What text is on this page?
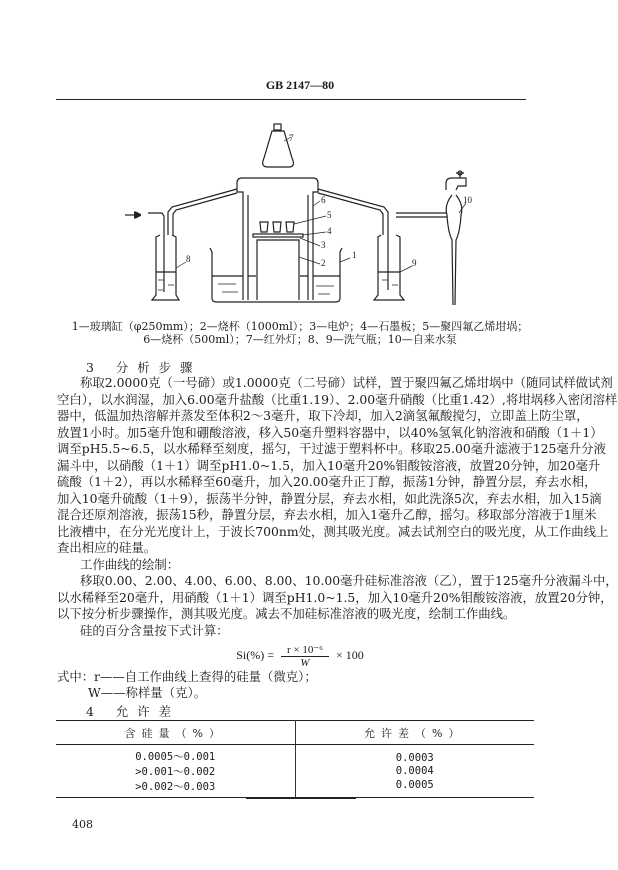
GB 2147—80
1
2
3
4
5
6
7
8	9
10
1—玻璃缸（φ250mm）；2—烧杯（1000ml）；3—电炉；4—石墨板；5—聚四氟乙烯坩埚；
6—烧杯（500ml）；7—红外灯；8、9—洗气瓶；10—自来水泵
3 分析步骤
称取2.0000克（一号碲）或1.0000克（二号碲）试样，置于聚四氟乙烯坩埚中（随同试样做试剂
空白），以水润湿，加入6.00毫升盐酸（比重1.19）、2.00毫升硝酸（比重1.42）,将坩埚移入密闭溶样
器中，低温加热溶解并蒸发至体积2～3毫升，取下冷却，加入2滴氢氟酸搅匀，立即盖上防尘罩，
放置1小时。加5毫升饱和硼酸溶液，移入50毫升塑料容器中，以40%氢氧化钠溶液和硝酸（1＋1）
调至pH5.5~6.5，以水稀释至刻度，摇匀，干过滤于塑料杯中。移取25.00毫升滤液于125毫升分液
漏斗中，以硝酸（1＋1）调至pH1.0~1.5，加入10毫升20%钼酸铵溶液，放置20分钟，加20毫升
硫酸（1＋2），再以水稀释至60毫升，加入20.00毫升正丁醇，振荡1分钟，静置分层，弃去水相，
加入10毫升硫酸（1＋9），振荡半分钟，静置分层，弃去水相，如此洗涤5次，弃去水相，加入15滴
混合还原剂溶液，振荡15秒，静置分层，弃去水相，加入1毫升乙醇，摇匀。移取部分溶液于1厘米
比液槽中，在分光光度计上，于波长700nm处，测其吸光度。减去试剂空白的吸光度，从工作曲线上
查出相应的硅量。
工作曲线的绘制：
移取0.00、2.00、4.00、6.00、8.00、10.00毫升硅标准溶液（乙），置于125毫升分液漏斗中，
以水稀释至20毫升，用硝酸（1＋1）调至pH1.0~1.5，加入10毫升20%钼酸铵溶液，放置20分钟，
以下按分析步骤操作，测其吸光度。减去不加硅标准溶液的吸光度，绘制工作曲线。
硅的百分含量按下式计算：
$Si(\%) = \frac{\text{r × 10⁻⁶}}{W} \times 100$
式中： r——自工作曲线上查得的硅量（微克）；
W——称样量（克）。
4 允许差
含硅量（%）	允许差（%）
0.0005～0.001	0.0003
>0.001～0.002	0.0004
>0.002～0.003	0.0005
408
